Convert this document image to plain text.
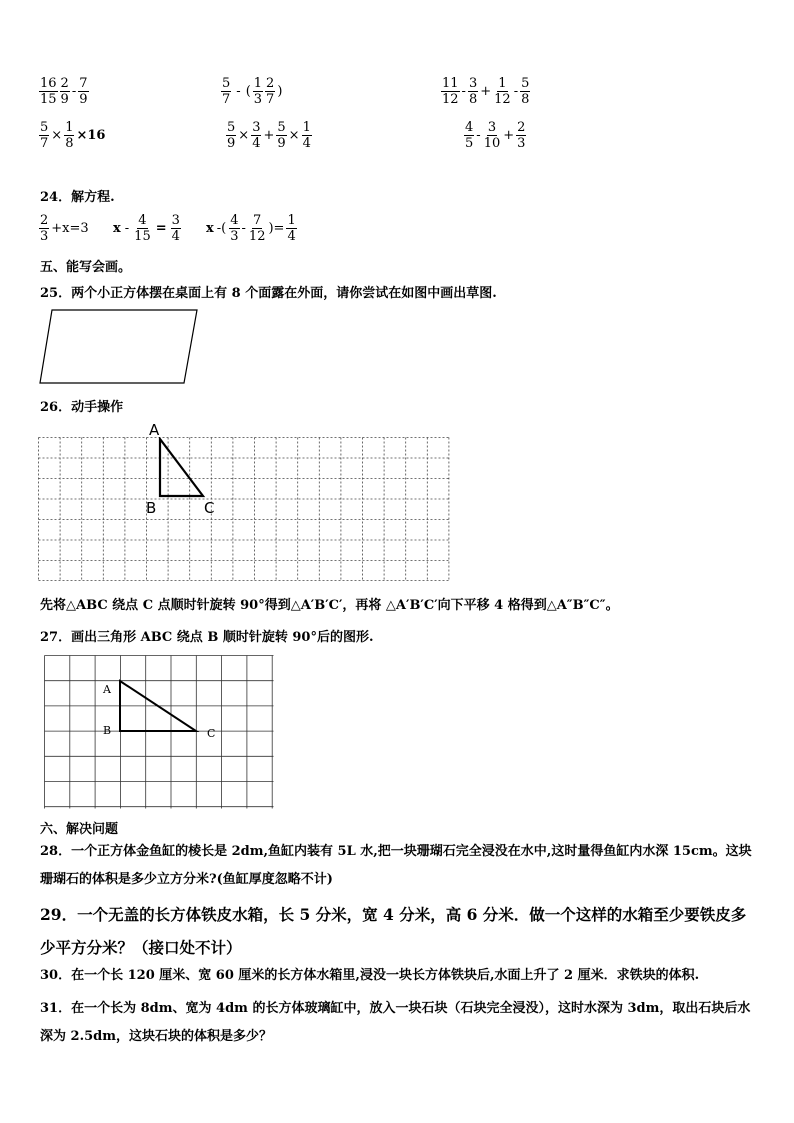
$\frac{16}{15} \frac{2}{9} - \frac{7}{9}$	$\frac{5}{7}$ - ( $\frac{1}{3} \frac{2}{7}$ )	$\frac{11}{12} - \frac{3}{8} + \frac{1}{12} - \frac{5}{8}$
$\frac{5}{7} \times \frac{1}{8} \times 16$	$\frac{5}{9} \times \frac{3}{4} + \frac{5}{9} \times \frac{1}{4}$	$\frac{4}{5} - \frac{3}{10} + \frac{2}{3}$
24．解方程.
$\frac{2}{3} +x=3$ $x - \frac{4}{15} = \frac{3}{4}$ x -( $\frac{4}{3} - \frac{7}{12}$ )= $\frac{1}{4}$
五、能写会画。
25．两个小正方体摆在桌面上有 8 个面露在外面，请你尝试在如图中画出草图.
26．动手操作
A
B	C
先将△ABC 绕点 C 点顺时针旋转 90°得到△A′B′C′，再将 △A′B′C′向下平移 4 格得到△A″B″C″。
27．画出三角形 ABC 绕点 B 顺时针旋转 90°后的图形.
A
B	C
六、解决问题
28．一个正方体金鱼缸的棱长是 2dm,鱼缸内装有 5L 水,把一块珊瑚石完全浸没在水中,这时量得鱼缸内水深 15cm。这块珊瑚石的体积是多少立方分米?(鱼缸厚度忽略不计)
29．一个无盖的长方体铁皮水箱，长 5 分米，宽 4 分米，高 6 分米．做一个这样的水箱至少要铁皮多少平方分米？（接口处不计）
30．在一个长 120 厘米、宽 60 厘米的长方体水箱里,浸没一块长方体铁块后,水面上升了 2 厘米．求铁块的体积.
31．在一个长为 8dm、宽为 4dm 的长方体玻璃缸中，放入一块石块（石块完全浸没），这时水深为 3dm，取出石块后水深为 2.5dm，这块石块的体积是多少？
